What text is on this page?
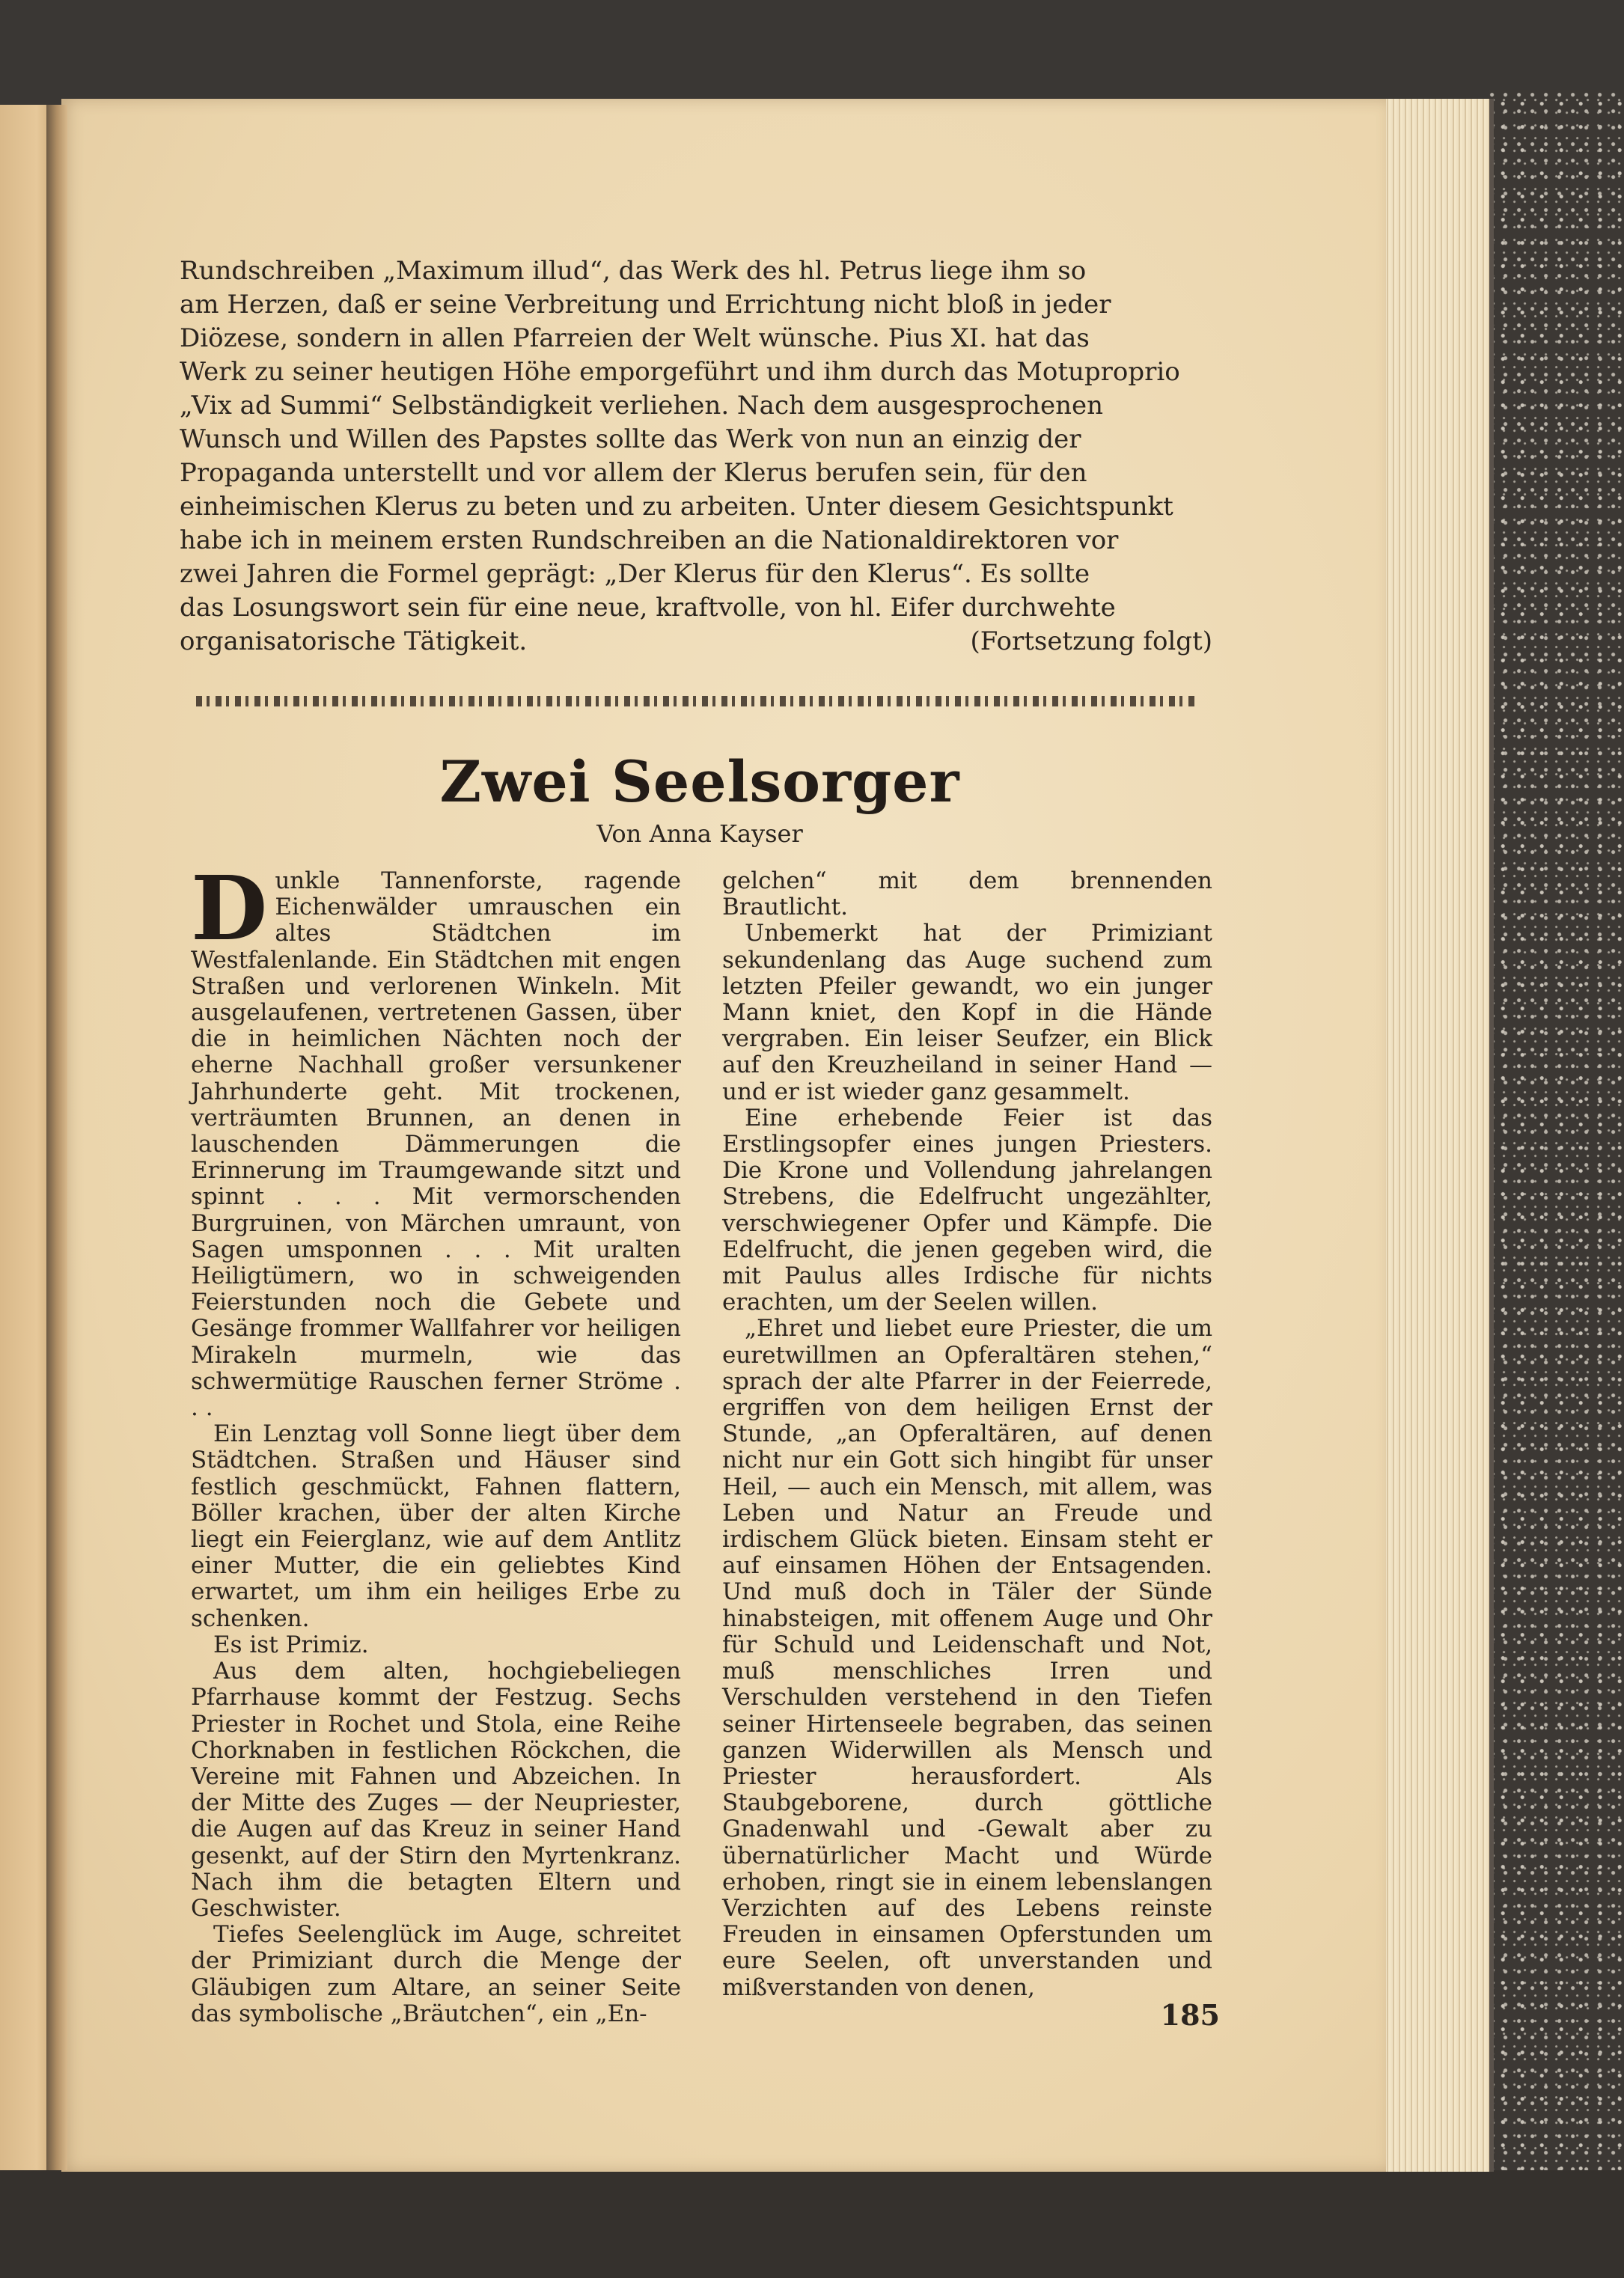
Rundschreiben „Maximum illud“, das Werk des hl. Petrus liege ihm so
am Herzen, daß er seine Verbreitung und Errichtung nicht bloß in jeder
Diözese, sondern in allen Pfarreien der Welt wünsche. Pius XI. hat das
Werk zu seiner heutigen Höhe emporgeführt und ihm durch das Motuproprio
„Vix ad Summi“ Selbständigkeit verliehen. Nach dem ausgesprochenen
Wunsch und Willen des Papstes sollte das Werk von nun an einzig der
Propaganda unterstellt und vor allem der Klerus berufen sein, für den
einheimischen Klerus zu beten und zu arbeiten. Unter diesem Gesichtspunkt
habe ich in meinem ersten Rundschreiben an die Nationaldirektoren vor
zwei Jahren die Formel geprägt: „Der Klerus für den Klerus“. Es sollte
das Losungswort sein für eine neue, kraftvolle, von hl. Eifer durchwehte
organisatorische Tätigkeit.	(Fortsetzung folgt)
Zwei Seelsorger
Von Anna Kayser

Dunkle Tannenforste, ragende Eichenwälder umrauschen ein altes Städtchen im Westfalenlande. Ein Städtchen mit engen Straßen und verlorenen Winkeln. Mit ausgelaufenen, vertretenen Gassen, über die in heimlichen Nächten noch der eherne Nachhall großer versunkener Jahrhunderte geht. Mit trockenen, verträumten Brunnen, an denen in lauschenden Dämmerungen die Erinnerung im Traumgewande sitzt und spinnt . . . Mit vermorschenden Burgruinen, von Märchen umraunt, von Sagen umsponnen . . . Mit uralten Heiligtümern, wo in schweigenden Feierstunden noch die Gebete und Gesänge frommer Wallfahrer vor heiligen Mirakeln murmeln, wie das schwermütige Rauschen ferner Ströme . . .

Ein Lenztag voll Sonne liegt über dem Städtchen. Straßen und Häuser sind festlich geschmückt, Fahnen flattern, Böller krachen, über der alten Kirche liegt ein Feierglanz, wie auf dem Antlitz einer Mutter, die ein geliebtes Kind erwartet, um ihm ein heiliges Erbe zu schenken.

Es ist Primiz.

Aus dem alten, hochgiebeliegen Pfarrhause kommt der Festzug. Sechs Priester in Rochet und Stola, eine Reihe Chorknaben in festlichen Röckchen, die Vereine mit Fahnen und Abzeichen. In der Mitte des Zuges — der Neupriester, die Augen auf das Kreuz in seiner Hand gesenkt, auf der Stirn den Myrtenkranz. Nach ihm die betagten Eltern und Geschwister.

Tiefes Seelenglück im Auge, schreitet der Primiziant durch die Menge der Gläubigen zum Altare, an seiner Seite das symbolische „Bräutchen“, ein „En-

gelchen“ mit dem brennenden Brautlicht.

Unbemerkt hat der Primiziant sekundenlang das Auge suchend zum letzten Pfeiler gewandt, wo ein junger Mann kniet, den Kopf in die Hände vergraben. Ein leiser Seufzer, ein Blick auf den Kreuzheiland in seiner Hand — und er ist wieder ganz gesammelt.

Eine erhebende Feier ist das Erstlingsopfer eines jungen Priesters. Die Krone und Vollendung jahrelangen Strebens, die Edelfrucht ungezählter, verschwiegener Opfer und Kämpfe. Die Edelfrucht, die jenen gegeben wird, die mit Paulus alles Irdische für nichts erachten, um der Seelen willen.

„Ehret und liebet eure Priester, die um euretwillmen an Opferaltären stehen,“ sprach der alte Pfarrer in der Feierrede, ergriffen von dem heiligen Ernst der Stunde, „an Opferaltären, auf denen nicht nur ein Gott sich hingibt für unser Heil, — auch ein Mensch, mit allem, was Leben und Natur an Freude und irdischem Glück bieten. Einsam steht er auf einsamen Höhen der Entsagenden. Und muß doch in Täler der Sünde hinabsteigen, mit offenem Auge und Ohr für Schuld und Leidenschaft und Not, muß menschliches Irren und Verschulden verstehend in den Tiefen seiner Hirtenseele begraben, das seinen ganzen Widerwillen als Mensch und Priester herausfordert. Als Staubgeborene, durch göttliche Gnadenwahl und -Gewalt aber zu übernatürlicher Macht und Würde erhoben, ringt sie in einem lebenslangen Verzichten auf des Lebens reinste Freuden in einsamen Opferstunden um eure Seelen, oft unverstanden und mißverstanden von denen,

185
